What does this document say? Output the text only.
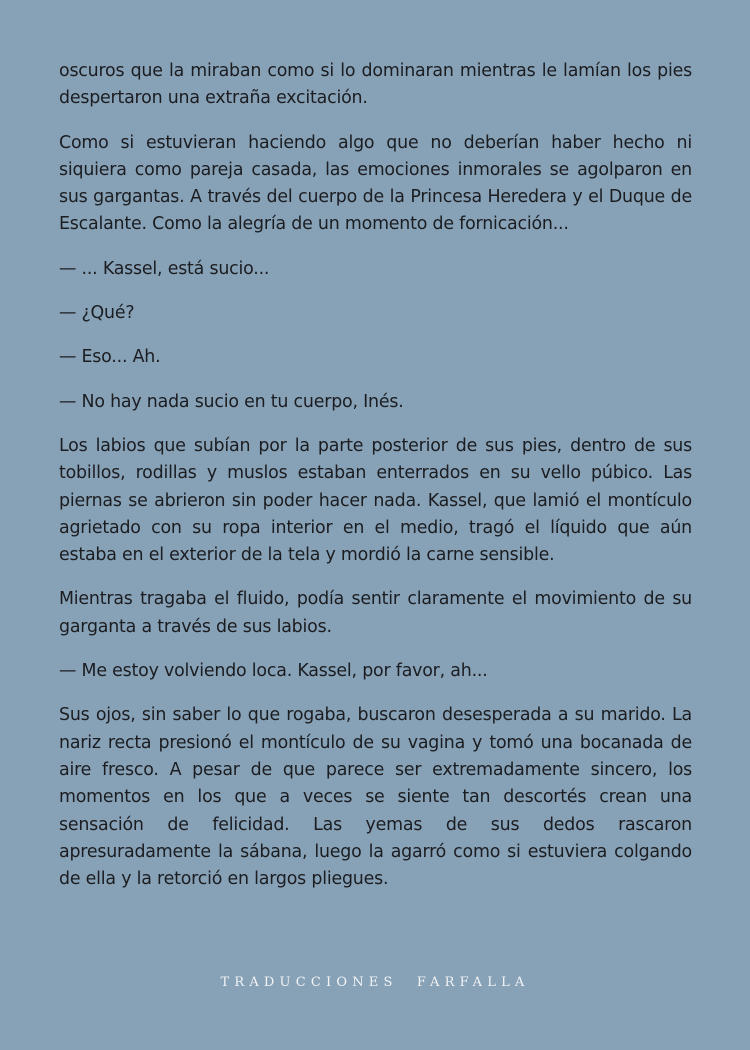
oscuros que la miraban como si lo dominaran mientras le lamían los pies despertaron una extraña excitación.

Como si estuvieran haciendo algo que no deberían haber hecho ni siquiera como pareja casada, las emociones inmorales se agolparon en sus gargantas. A través del cuerpo de la Princesa Heredera y el Duque de Escalante. Como la alegría de un momento de fornicación...

— ... Kassel, está sucio...

— ¿Qué?

— Eso... Ah.

— No hay nada sucio en tu cuerpo, Inés.

Los labios que subían por la parte posterior de sus pies, dentro de sus tobillos, rodillas y muslos estaban enterrados en su vello púbico. Las piernas se abrieron sin poder hacer nada. Kassel, que lamió el montículo agrietado con su ropa interior en el medio, tragó el líquido que aún estaba en el exterior de la tela y mordió la carne sensible.

Mientras tragaba el fluido, podía sentir claramente el movimiento de su garganta a través de sus labios.

— Me estoy volviendo loca. Kassel, por favor, ah...

Sus ojos, sin saber lo que rogaba, buscaron desesperada a su marido. La nariz recta presionó el montículo de su vagina y tomó una bocanada de aire fresco. A pesar de que parece ser extremadamente sincero, los momentos en los que a veces se siente tan descortés crean una sensación de felicidad. Las yemas de sus dedos rascaron apresuradamente la sábana, luego la agarró como si estuviera colgando de ella y la retorció en largos pliegues.

TRADUCCIONES FARFALLA
